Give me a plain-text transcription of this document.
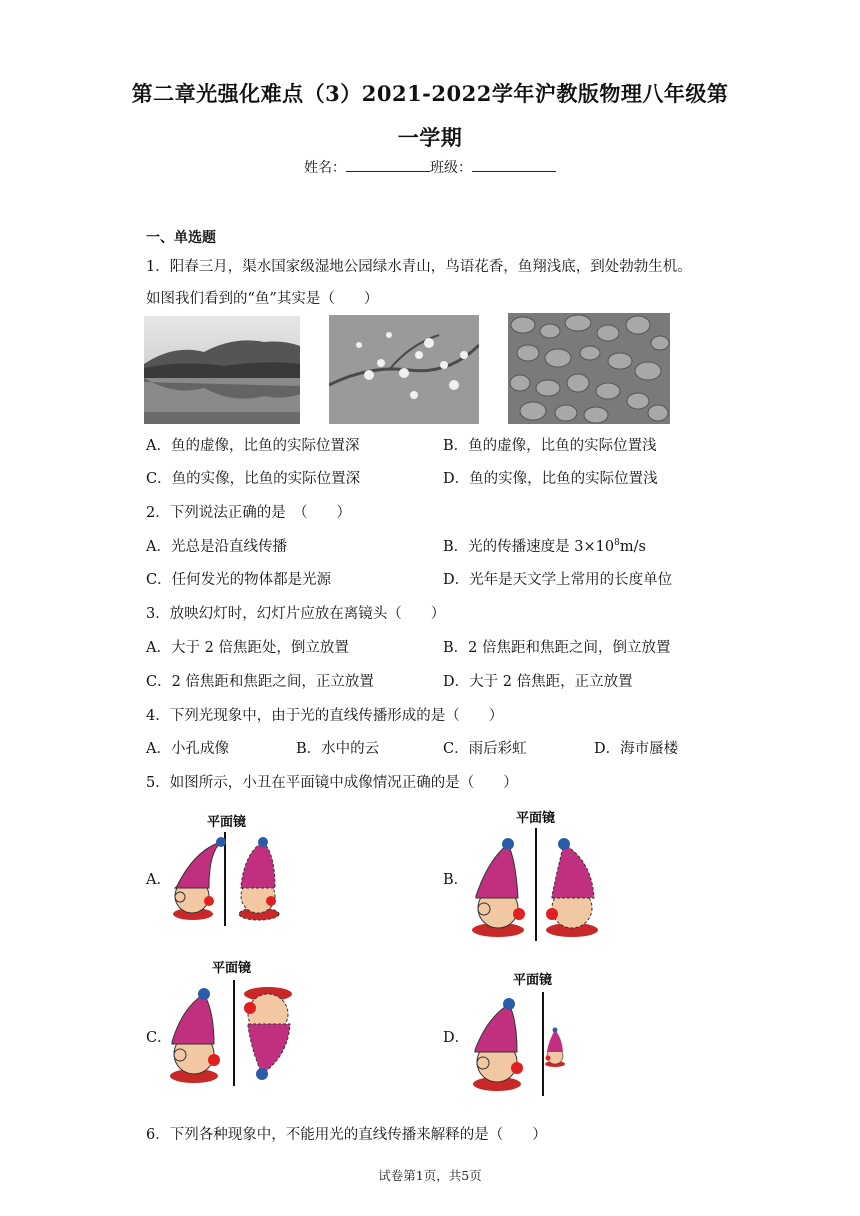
第二章光强化难点（3）2021-2022学年沪教版物理八年级第
一学期
姓名：	班级：
一、单选题
1．阳春三月，渠水国家级湿地公园绿水青山，鸟语花香，鱼翔浅底，到处勃勃生机。
如图我们看到的“鱼”其实是（　　）
A．鱼的虚像，比鱼的实际位置深	B．鱼的虚像，比鱼的实际位置浅
C．鱼的实像，比鱼的实际位置深	D．鱼的实像，比鱼的实际位置浅
2．下列说法正确的是　（　　）
A．光总是沿直线传播	B．光的传播速度是 $3\times 10^8m/s$
C．任何发光的物体都是光源	D．光年是天文学上常用的长度单位
3．放映幻灯时，幻灯片应放在离镜头（　　）
A．大于 2 倍焦距处，倒立放置	B．2 倍焦距和焦距之间，倒立放置
C．2 倍焦距和焦距之间，正立放置	D．大于 2 倍焦距，正立放置
4．下列光现象中，由于光的直线传播形成的是（　　）
A．小孔成像	B．水中的云	C．雨后彩虹	D．海市蜃楼
5．如图所示，小丑在平面镜中成像情况正确的是（　　）
A．	B．
C．	D．
平面镜	平面镜
平面镜
平面镜
6．下列各种现象中，不能用光的直线传播来解释的是（　　）
试卷第1页，共5页
